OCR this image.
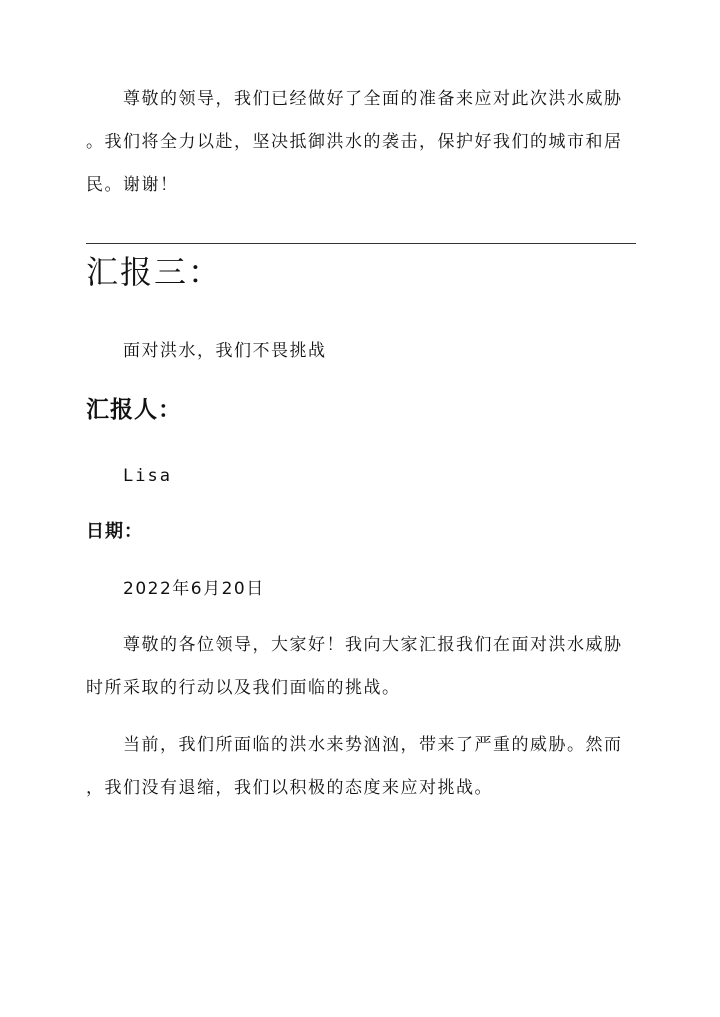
尊敬的领导，我们已经做好了全面的准备来应对此次洪水威胁
。我们将全力以赴，坚决抵御洪水的袭击，保护好我们的城市和居
民。谢谢！

汇报三：

面对洪水，我们不畏挑战

汇报人：

Lisa

日期：

2022年6月20日

尊敬的各位领导，大家好！我向大家汇报我们在面对洪水威胁
时所采取的行动以及我们面临的挑战。

当前，我们所面临的洪水来势汹汹，带来了严重的威胁。然而
，我们没有退缩，我们以积极的态度来应对挑战。
